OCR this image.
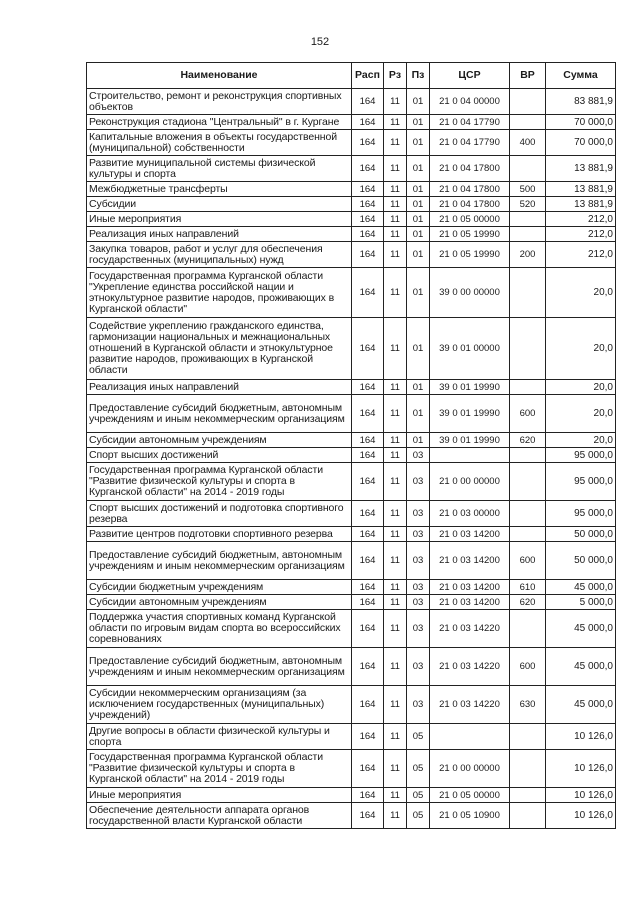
152
Наименование	Расп	Рз	Пз	ЦСР	ВР	Сумма
Строительство, ремонт и реконструкция спортивных объектов	164	11	01	21 0 04 00000		83 881,9
Реконструкция стадиона "Центральный" в г. Кургане	164	11	01	21 0 04 17790		70 000,0
Капитальные вложения в объекты государственной (муниципальной) собственности	164	11	01	21 0 04 17790	400	70 000,0
Развитие муниципальной системы физической культуры и спорта	164	11	01	21 0 04 17800		13 881,9
Межбюджетные трансферты	164	11	01	21 0 04 17800	500	13 881,9
Субсидии	164	11	01	21 0 04 17800	520	13 881,9
Иные мероприятия	164	11	01	21 0 05 00000		212,0
Реализация иных направлений	164	11	01	21 0 05 19990		212,0
Закупка товаров, работ и услуг для обеспечения государственных (муниципальных) нужд	164	11	01	21 0 05 19990	200	212,0
Государственная программа Курганской области "Укрепление единства российской нации и этнокультурное развитие народов, проживающих в Курганской области"	164	11	01	39 0 00 00000		20,0
Содействие укреплению гражданского единства, гармонизации национальных и межнациональных отношений в Курганской области и этнокультурное развитие народов, проживающих в Курганской области	164	11	01	39 0 01 00000		20,0
Реализация иных направлений	164	11	01	39 0 01 19990		20,0
Предоставление субсидий бюджетным, автономным учреждениям и иным некоммерческим организациям	164	11	01	39 0 01 19990	600	20,0
Субсидии автономным учреждениям	164	11	01	39 0 01 19990	620	20,0
Спорт высших достижений	164	11	03			95 000,0
Государственная программа Курганской области "Развитие физической культуры и спорта в Курганской области" на 2014 - 2019 годы	164	11	03	21 0 00 00000		95 000,0
Спорт высших достижений и подготовка спортивного резерва	164	11	03	21 0 03 00000		95 000,0
Развитие центров подготовки спортивного резерва	164	11	03	21 0 03 14200		50 000,0
Предоставление субсидий бюджетным, автономным учреждениям и иным некоммерческим организациям	164	11	03	21 0 03 14200	600	50 000,0
Субсидии бюджетным учреждениям	164	11	03	21 0 03 14200	610	45 000,0
Субсидии автономным учреждениям	164	11	03	21 0 03 14200	620	5 000,0
Поддержка участия спортивных команд Курганской области по игровым видам спорта во всероссийских соревнованиях	164	11	03	21 0 03 14220		45 000,0
Предоставление субсидий бюджетным, автономным учреждениям и иным некоммерческим организациям	164	11	03	21 0 03 14220	600	45 000,0
Субсидии некоммерческим организациям (за исключением государственных (муниципальных) учреждений)	164	11	03	21 0 03 14220	630	45 000,0
Другие вопросы в области физической культуры и спорта	164	11	05			10 126,0
Государственная программа Курганской области "Развитие физической культуры и спорта в Курганской области" на 2014 - 2019 годы	164	11	05	21 0 00 00000		10 126,0
Иные мероприятия	164	11	05	21 0 05 00000		10 126,0
Обеспечение деятельности аппарата органов государственной власти Курганской области	164	11	05	21 0 05 10900		10 126,0
